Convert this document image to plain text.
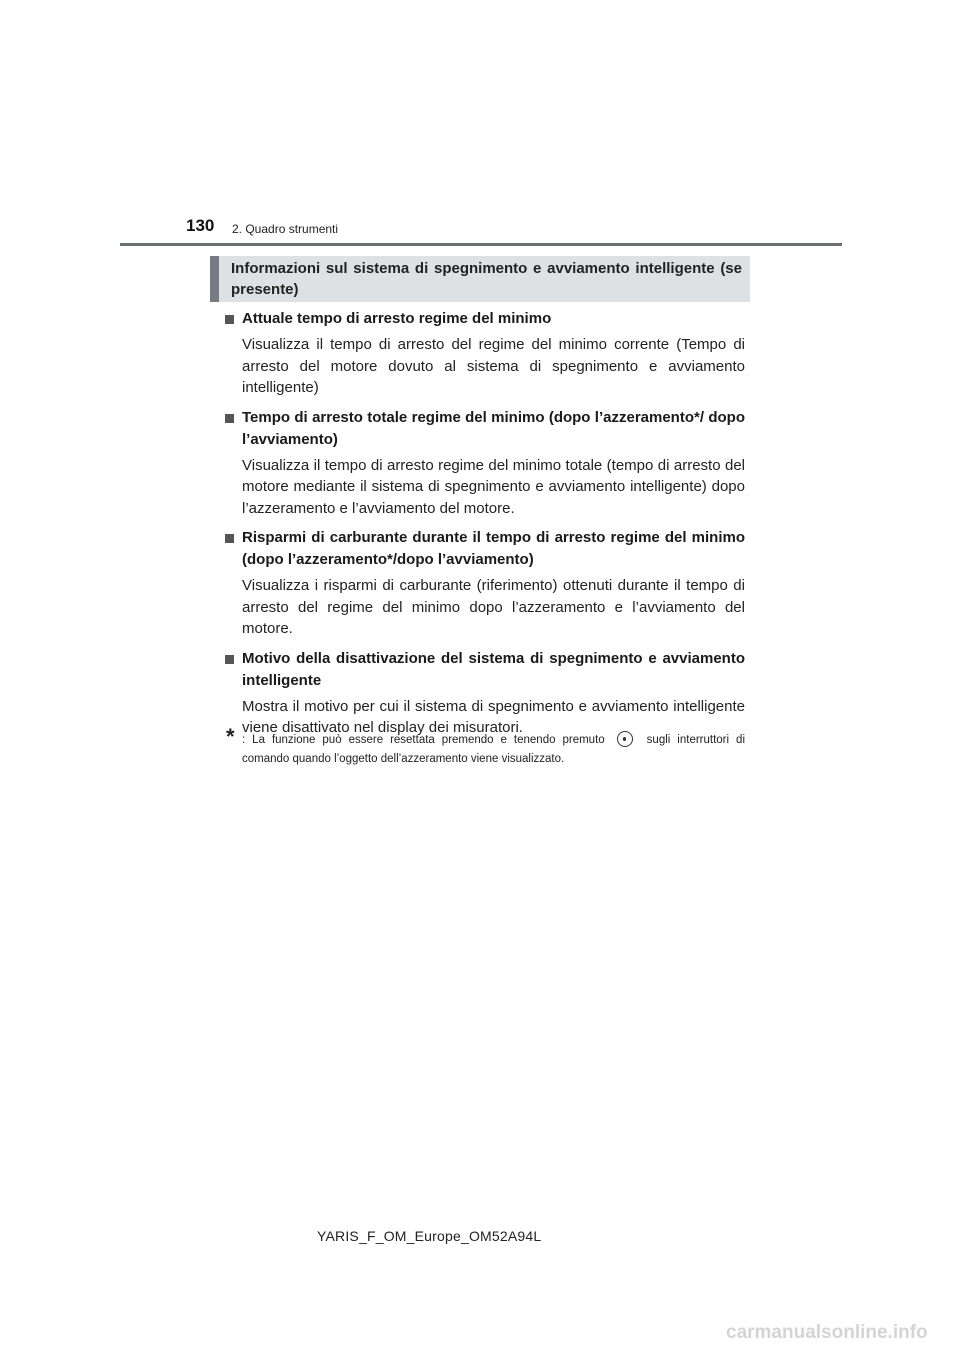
130 2. Quadro strumenti
Informazioni sul sistema di spegnimento e avviamento intelligente (se presente)
Attuale tempo di arresto regime del minimo
Visualizza il tempo di arresto del regime del minimo corrente (Tempo di arresto del motore dovuto al sistema di spegnimento e avviamento intelligente)
Tempo di arresto totale regime del minimo (dopo l’azzeramento*/ dopo l’avviamento)
Visualizza il tempo di arresto regime del minimo totale (tempo di arresto del motore mediante il sistema di spegnimento e avviamento intelligente) dopo l’azzeramento e l’avviamento del motore.
Risparmi di carburante durante il tempo di arresto regime del minimo (dopo l’azzeramento*/dopo l’avviamento)
Visualizza i risparmi di carburante (riferimento) ottenuti durante il tempo di arresto del regime del minimo dopo l’azzeramento e l’avviamento del motore.
Motivo della disattivazione del sistema di spegnimento e avviamento intelligente
Mostra il motivo per cui il sistema di spegnimento e avviamento intelligente viene disattivato nel display dei misuratori.
* : La funzione può essere resettata premendo e tenendo premuto	sugli interruttori di comando quando l’oggetto dell’azzeramento viene visualizzato.
YARIS_F_OM_Europe_OM52A94L
carmanualsonline.info
